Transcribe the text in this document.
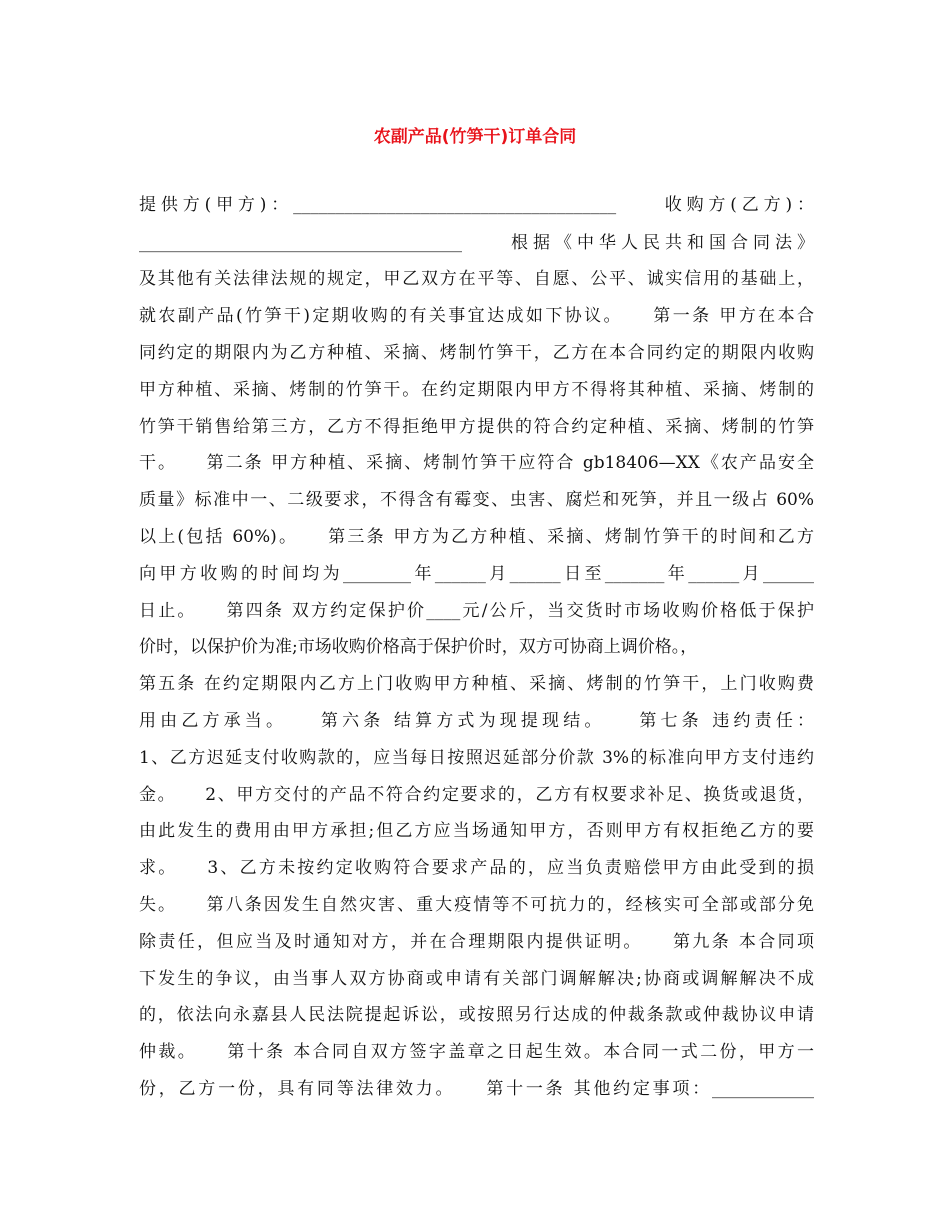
农副产品(竹笋干)订单合同
提供方(甲方)：______________________________________　　收购方(乙方)：
______________________________________　　根据《中华人民共和国合同法》
及其他有关法律法规的规定，甲乙双方在平等、自愿、公平、诚实信用的基础上，
就农副产品(竹笋干)定期收购的有关事宜达成如下协议。　　第一条 甲方在本合
同约定的期限内为乙方种植、采摘、烤制竹笋干，乙方在本合同约定的期限内收购
甲方种植、采摘、烤制的竹笋干。在约定期限内甲方不得将其种植、采摘、烤制的
竹笋干销售给第三方，乙方不得拒绝甲方提供的符合约定种植、采摘、烤制的竹笋
干。　　第二条 甲方种植、采摘、烤制竹笋干应符合 gb18406—XX《农产品安全
质量》标准中一、二级要求，不得含有霉变、虫害、腐烂和死笋，并且一级占 60%
以上(包括 60%)。　　第三条 甲方为乙方种植、采摘、烤制竹笋干的时间和乙方
向甲方收购的时间均为________年______月______日至_______年______月______
日止。　　第四条 双方约定保护价____元/公斤，当交货时市场收购价格低于保护
价时，以保护价为准;市场收购价格高于保护价时，双方可协商上调价格。，
第五条 在约定期限内乙方上门收购甲方种植、采摘、烤制的竹笋干，上门收购费
用由乙方承当。　　第六条 结算方式为现提现结。　　第七条 违约责任：
1、乙方迟延支付收购款的，应当每日按照迟延部分价款 3%的标准向甲方支付违约
金。　　2、甲方交付的产品不符合约定要求的，乙方有权要求补足、换货或退货，
由此发生的费用由甲方承担;但乙方应当场通知甲方，否则甲方有权拒绝乙方的要
求。　　3、乙方未按约定收购符合要求产品的，应当负责赔偿甲方由此受到的损
失。　　第八条因发生自然灾害、重大疫情等不可抗力的，经核实可全部或部分免
除责任，但应当及时通知对方，并在合理期限内提供证明。　　第九条 本合同项
下发生的争议，由当事人双方协商或申请有关部门调解解决;协商或调解解决不成
的，依法向永嘉县人民法院提起诉讼，或按照另行达成的仲裁条款或仲裁协议申请
仲裁。　　第十条 本合同自双方签字盖章之日起生效。本合同一式二份，甲方一
份，乙方一份，具有同等法律效力。　　第十一条 其他约定事项：____________
